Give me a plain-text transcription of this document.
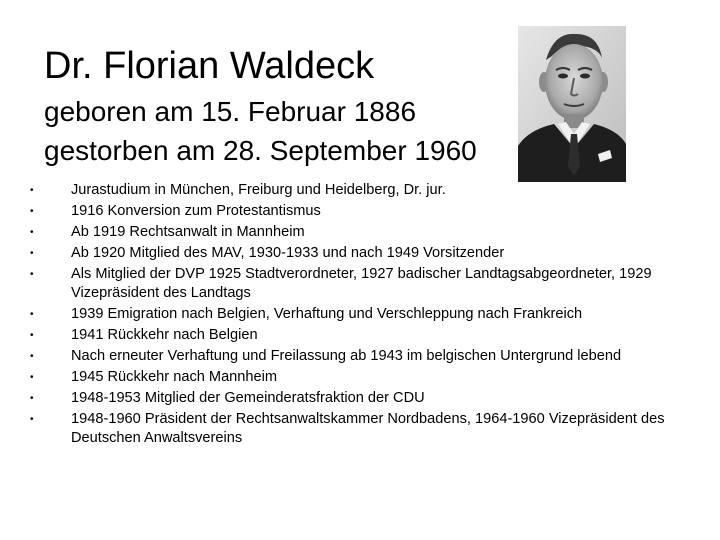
Dr. Florian Waldeck
geboren am 15. Februar 1886
gestorben am 28. September 1960
•	Jurastudium in München, Freiburg und Heidelberg, Dr. jur.
•	1916 Konversion zum Protestantismus
•	Ab 1919 Rechtsanwalt in Mannheim
•	Ab 1920 Mitglied des MAV, 1930-1933 und nach 1949 Vorsitzender
•	Als Mitglied der DVP 1925 Stadtverordneter, 1927 badischer Landtagsabgeordneter, 1929 Vizepräsident des Landtags
•	1939 Emigration nach Belgien, Verhaftung und Verschleppung nach Frankreich
•	1941 Rückkehr nach Belgien
•	Nach erneuter Verhaftung und Freilassung ab 1943 im belgischen Untergrund lebend
•	1945 Rückkehr nach Mannheim
•	1948-1953 Mitglied der Gemeinderatsfraktion der CDU
•	1948-1960 Präsident der Rechtsanwaltskammer Nordbadens, 1964-1960 Vizepräsident des Deutschen Anwaltsvereins
